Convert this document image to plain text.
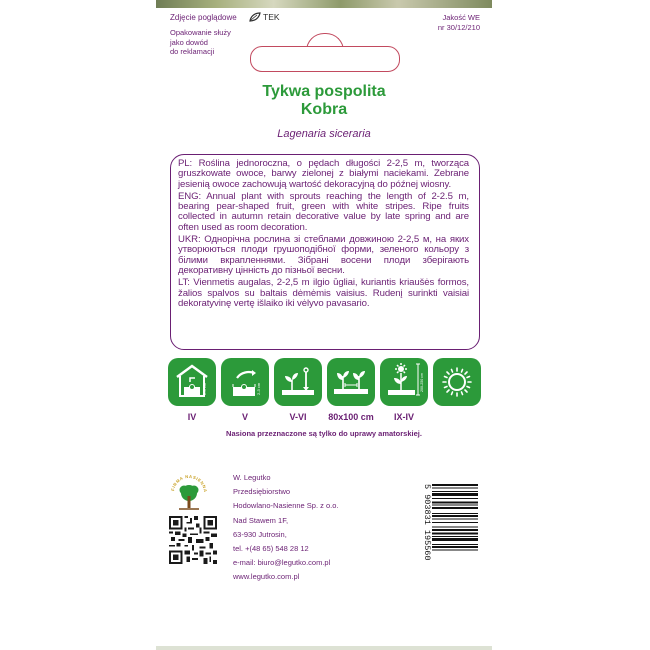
Zdjęcie poglądowe	TEK	Jakość WE
nr 30/12/210
Opakowanie służy
jako dowód
do reklamacji
Tykwa pospolita
Kobra
Lagenaria siceraria

PL: Roślina jednoroczna, o pędach długości 2-2,5 m, tworząca gruszkowate owoce, barwy zielonej z białymi naciekami. Zebrane jesienią owoce zachowują wartość dekoracyjną do późnej wiosny.

ENG: Annual plant with sprouts reaching the length of 2-2.5 m, bearing pear-shaped fruit, green with white stripes. Ripe fruits collected in autumn retain decorative value by late spring and are often used as room decoration.

UKR: Однорічна рослина зі стеблами довжиною 2-2,5 м, на яких утворюються плоди грушоподібної форми, зеленого кольору з білими вкрапленнями. Зібрані восени плоди зберігають декоративну цінність до пізньої весни.

LT: Vienmetis augalas, 2-2,5 m ilgio ūgliai, kuriantis kriaušės formos, žalios spalvos su baltais dėmėmis vaisius. Rudenį surinkti vaisiai dekoratyvinę vertę išlaiko iki vėlyvo pavasario.

2-3 cm	2-3 cm	200-250 cm
IV	V	V-VI	80x100 cm	IX-IV
Nasiona przeznaczone są tylko do uprawy amatorskiej.
FIRMA NASIENNA
W. Legutko
Przedsiębiorstwo
Hodowlano-Nasienne Sp. z o.o.
Nad Stawem 1F,
63-930 Jutrosin,
tel. +(48 65) 548 28 12
e-mail: biuro@legutko.com.pl
www.legutko.com.pl
5 903831 195560
